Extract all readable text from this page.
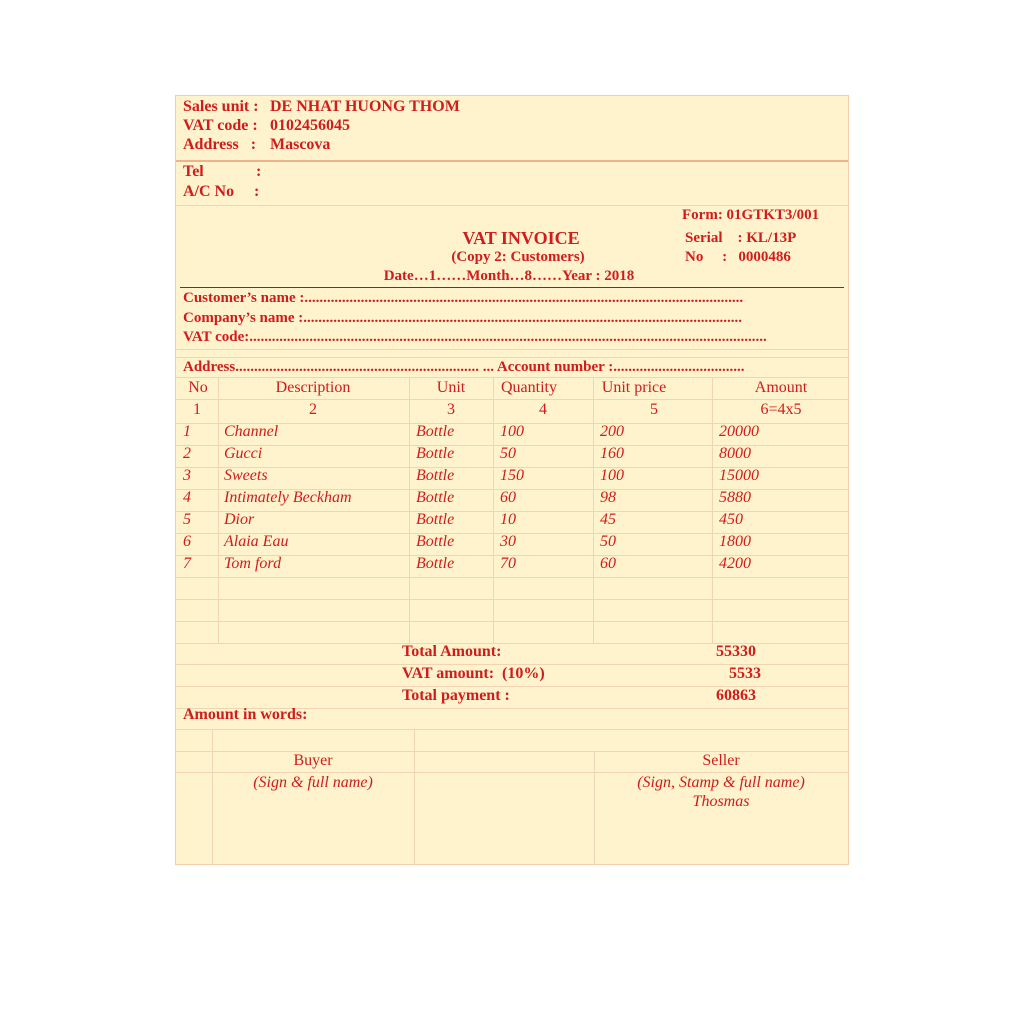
Sales unit : DE NHAT HUONG THOM
VAT code : 0102456045
Address   : Mascova
Tel	:
A/C No :
Form: 01GTKT3/001
Serial    : KL/13P
No     :   0000486
VAT INVOICE
(Copy 2: Customers)
Date…1……Month…8……Year : 2018
Customer’s name :.....................................................................................................................
Company’s name :.....................................................................................................................
VAT code:..........................................................................................................................................
Address................................................................. ... Account number :...................................
No	Description	Unit Quantity	Unit price	Amount
1	2	3	4	5	6=4x5
1 Channel	Bottle	100	200	20000
2 Gucci	Bottle	50	160	8000
3 Sweets	Bottle	150	100	15000
4 Intimately Beckham	Bottle	60	98	5880
5 Dior	Bottle	10	45	450
6 Alaia Eau	Bottle	30	50	1800
7 Tom ford	Bottle	70	60	4200
Total Amount:	55330
VAT amount:  (10%)	5533
Total payment :	60863
Amount in words:
Buyer
(Sign & full name)
Seller
(Sign, Stamp & full name)
Thosmas
